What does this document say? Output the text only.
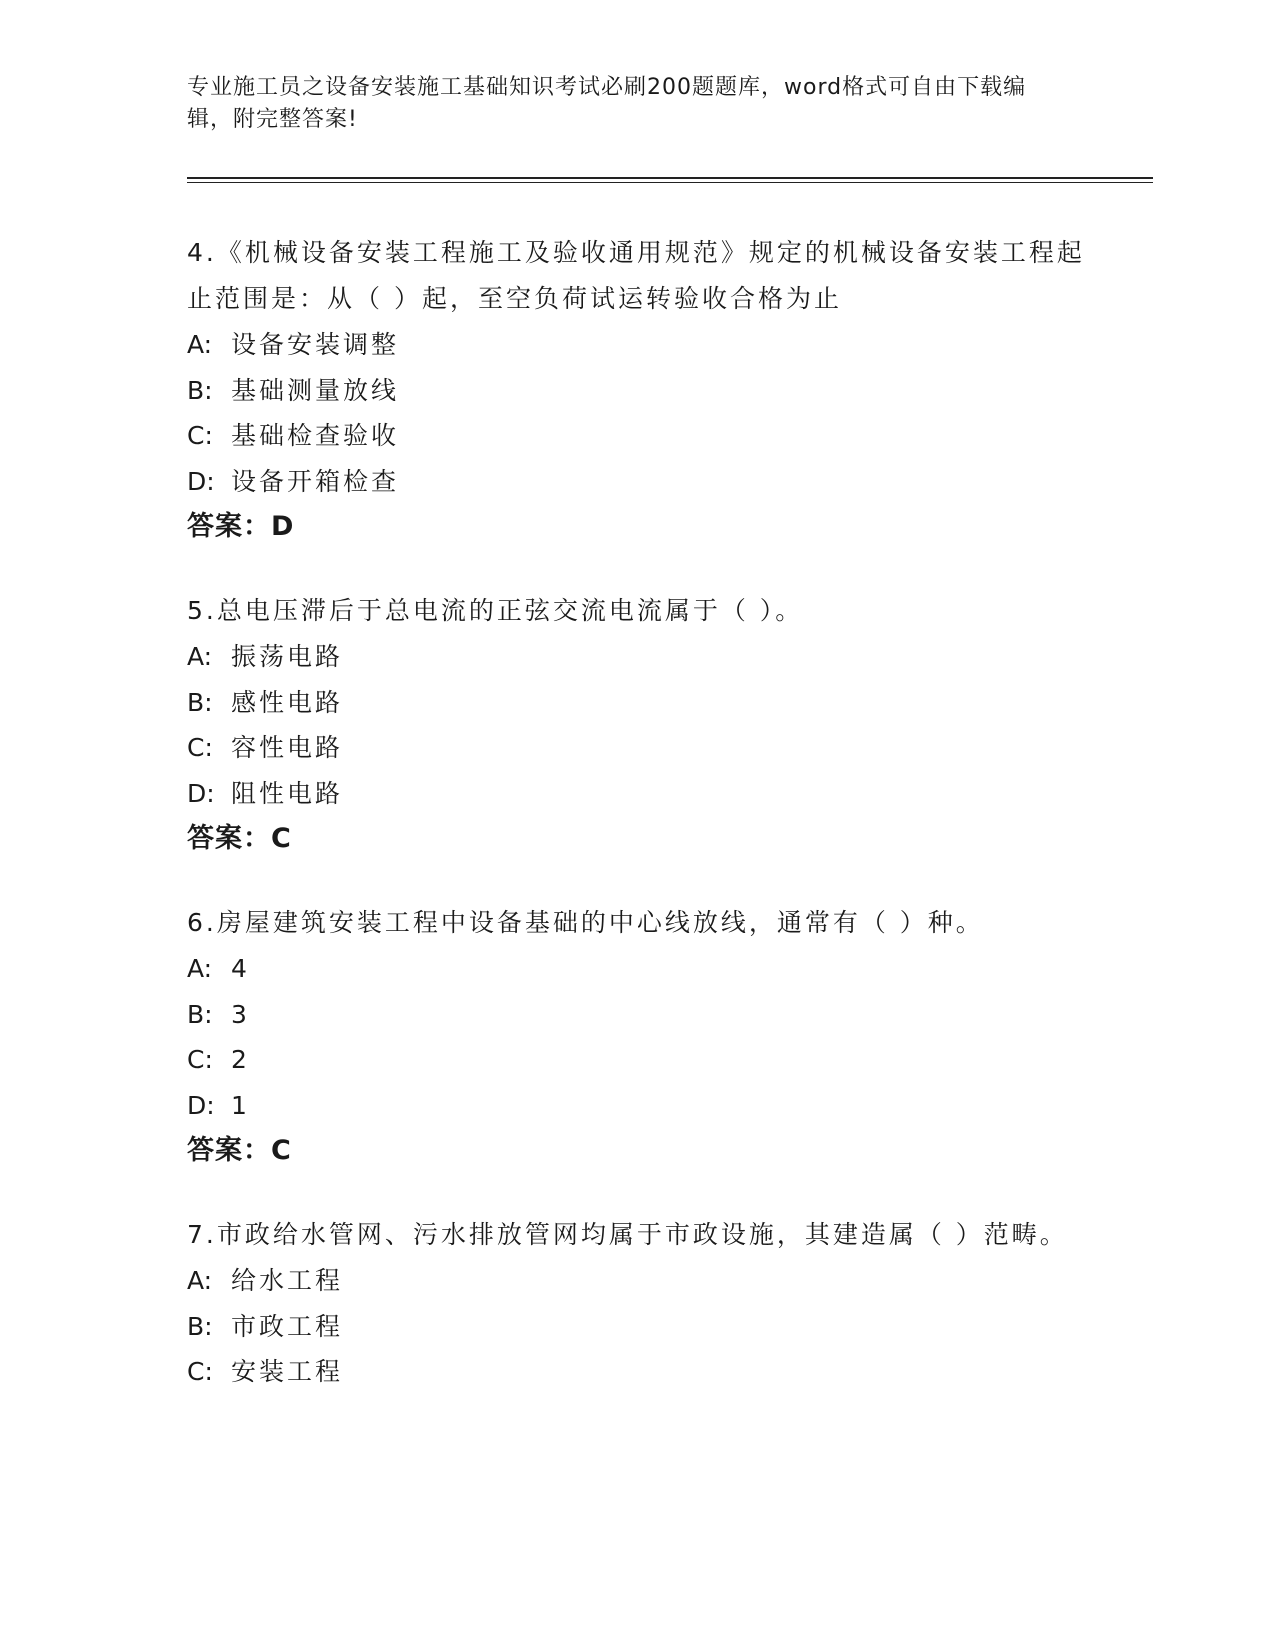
专业施工员之设备安装施工基础知识考试必刷200题题库，word格式可自由下载编辑，附完整答案!
4.《机械设备安装工程施工及验收通用规范》规定的机械设备安装工程起止范围是：从（ ）起，至空负荷试运转验收合格为止
A: 设备安装调整
B: 基础测量放线
C: 基础检查验收
D: 设备开箱检查
答案：D
5.总电压滞后于总电流的正弦交流电流属于（ ）。
A: 振荡电路
B: 感性电路
C: 容性电路
D: 阻性电路
答案：C
6.房屋建筑安装工程中设备基础的中心线放线，通常有（ ）种。
A: 4
B: 3
C: 2
D: 1
答案：C
7.市政给水管网、污水排放管网均属于市政设施，其建造属（ ）范畴。
A: 给水工程
B: 市政工程
C: 安装工程
